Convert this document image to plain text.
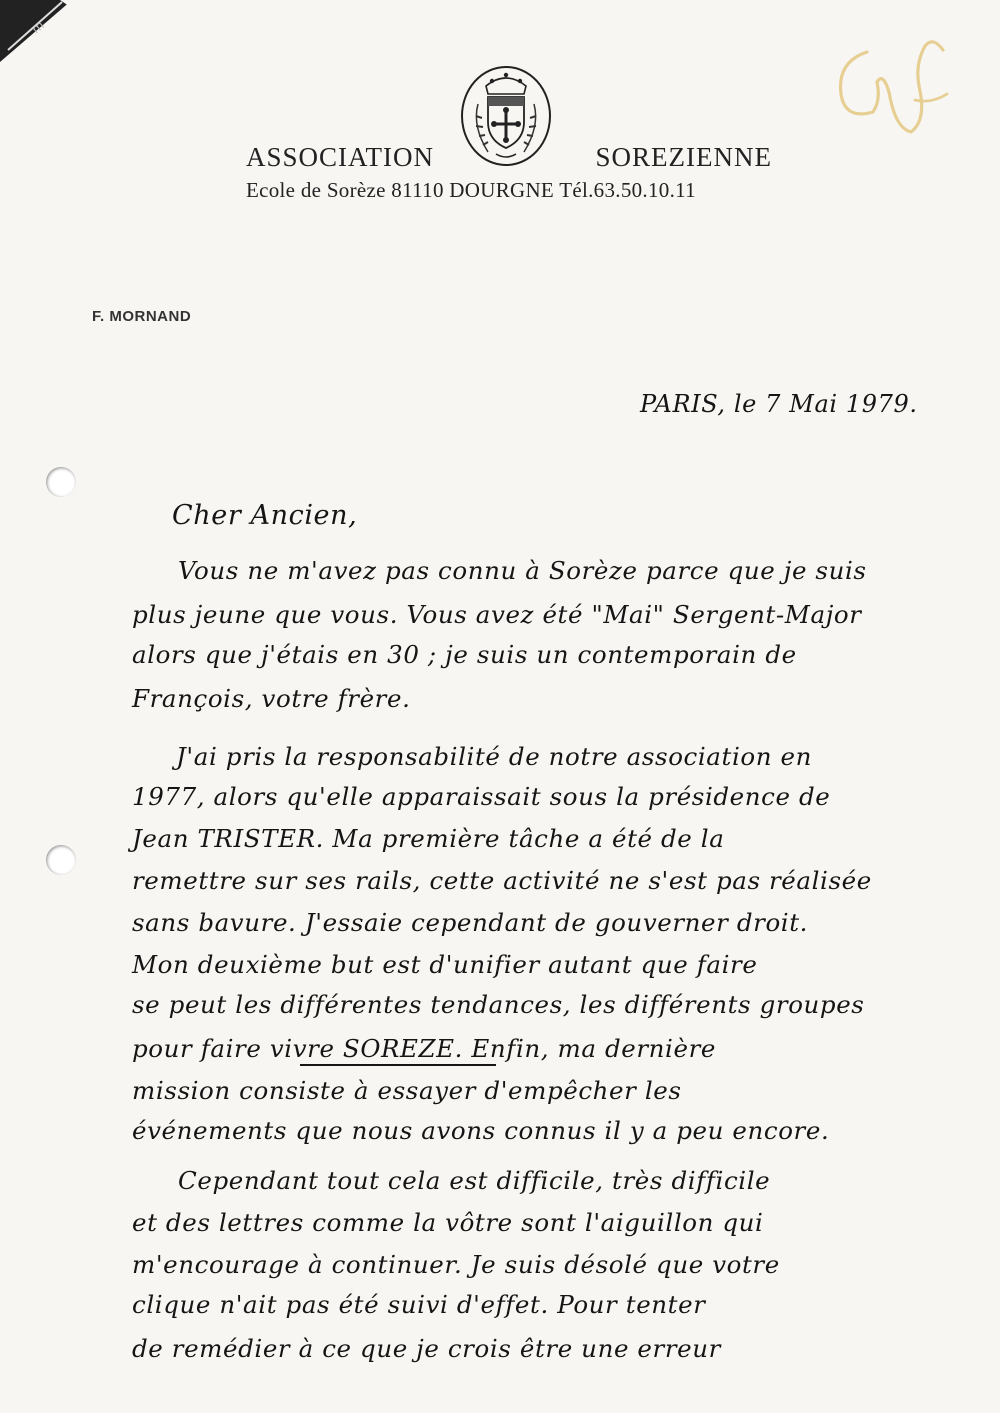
m
ASSOCIATION	SOREZIENNE
Ecole de Sorèze 81110 DOURGNE Tél.63.50.10.11
F. MORNAND
PARIS, le 7 Mai 1979.
Cher Ancien,
Vous ne m'avez pas connu à Sorèze parce que je suis
plus jeune que vous. Vous avez été "Mai" Sergent-Major
alors que j'étais en 30 ; je suis un contemporain de
François, votre frère.
J'ai pris la responsabilité de notre association en
1977, alors qu'elle apparaissait sous la présidence de
Jean TRISTER. Ma première tâche a été de la
remettre sur ses rails, cette activité ne s'est pas réalisée
sans bavure. J'essaie cependant de gouverner droit.
Mon deuxième but est d'unifier autant que faire
se peut les différentes tendances, les différents groupes
pour faire vivre SOREZE. Enfin, ma dernière
mission consiste à essayer d'empêcher les
événements que nous avons connus il y a peu encore.
Cependant tout cela est difficile, très difficile
et des lettres comme la vôtre sont l'aiguillon qui
m'encourage à continuer. Je suis désolé que votre
clique n'ait pas été suivi d'effet. Pour tenter
de remédier à ce que je crois être une erreur
